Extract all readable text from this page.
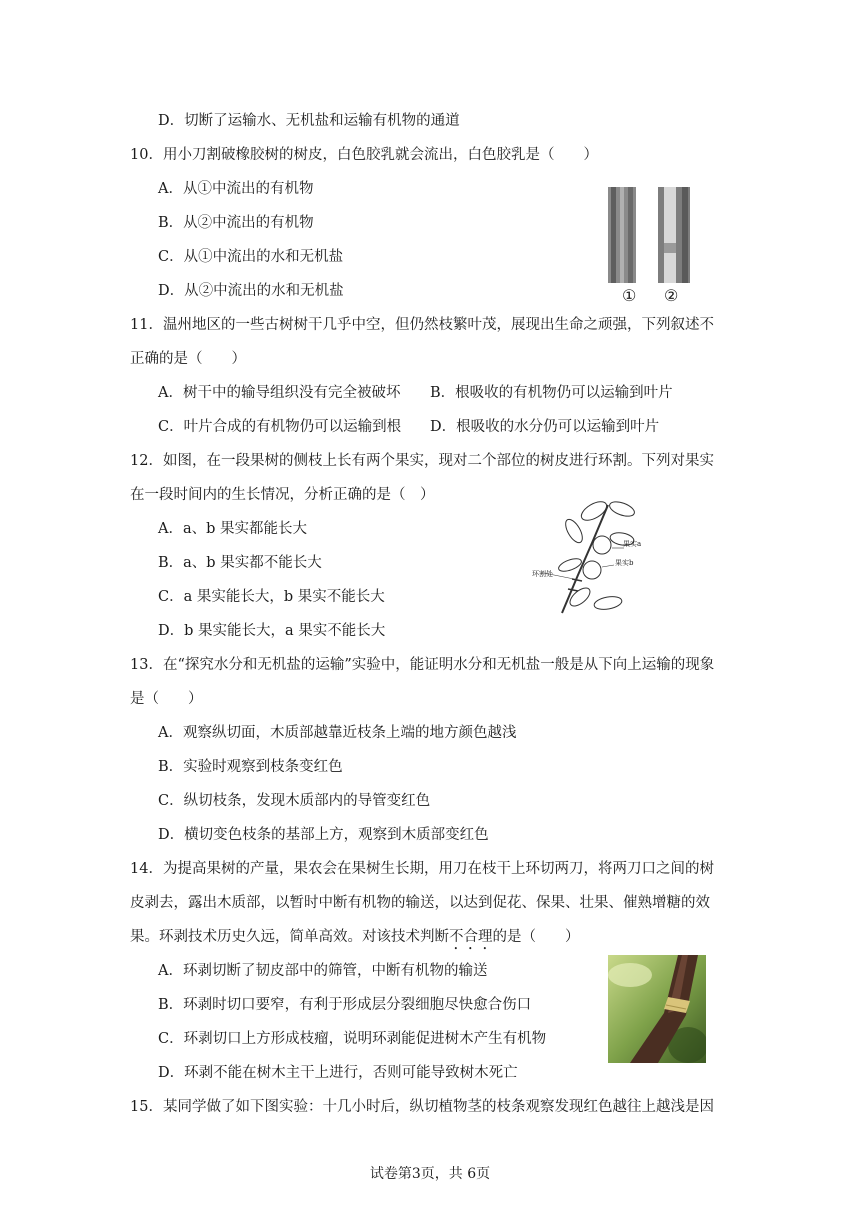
D．切断了运输水、无机盐和运输有机物的通道
10．用小刀割破橡胶树的树皮，白色胶乳就会流出，白色胶乳是（　　）
A．从①中流出的有机物
B．从②中流出的有机物
C．从①中流出的水和无机盐
D．从②中流出的水和无机盐	① ②
11．温州地区的一些古树树干几乎中空，但仍然枝繁叶茂，展现出生命之顽强，下列叙述不
正确的是（　　）
A．树干中的输导组织没有完全被破坏 B．根吸收的有机物仍可以运输到叶片
C．叶片合成的有机物仍可以运输到根 D．根吸收的水分仍可以运输到叶片
12．如图，在一段果树的侧枝上长有两个果实，现对二个部位的树皮进行环割。下列对果实
在一段时间内的生长情况，分析正确的是（　）
A．a、b 果实都能长大
B．a、b 果实都不能长大
C．a 果实能长大，b 果实不能长大
D．b 果实能长大，a 果实不能长大
果实a
果实b
环割处
13．在“探究水分和无机盐的运输”实验中，能证明水分和无机盐一般是从下向上运输的现象
是（　　）
A．观察纵切面，木质部越靠近枝条上端的地方颜色越浅
B．实验时观察到枝条变红色
C．纵切枝条，发现木质部内的导管变红色
D．横切变色枝条的基部上方，观察到木质部变红色
14．为提高果树的产量，果农会在果树生长期，用刀在枝干上环切两刀，将两刀口之间的树
皮剥去，露出木质部，以暂时中断有机物的输送，以达到促花、保果、壮果、催熟增糖的效
果。环剥技术历史久远，简单高效。对该技术判断不合理的是（　　）
A．环剥切断了韧皮部中的筛管，中断有机物的输送
B．环剥时切口要窄，有利于形成层分裂细胞尽快愈合伤口
C．环剥切口上方形成枝瘤，说明环剥能促进树木产生有机物
D．环剥不能在树木主干上进行，否则可能导致树木死亡
15．某同学做了如下图实验：十几小时后，纵切植物茎的枝条观察发现红色越往上越浅是因
试卷第3页，共 6页
